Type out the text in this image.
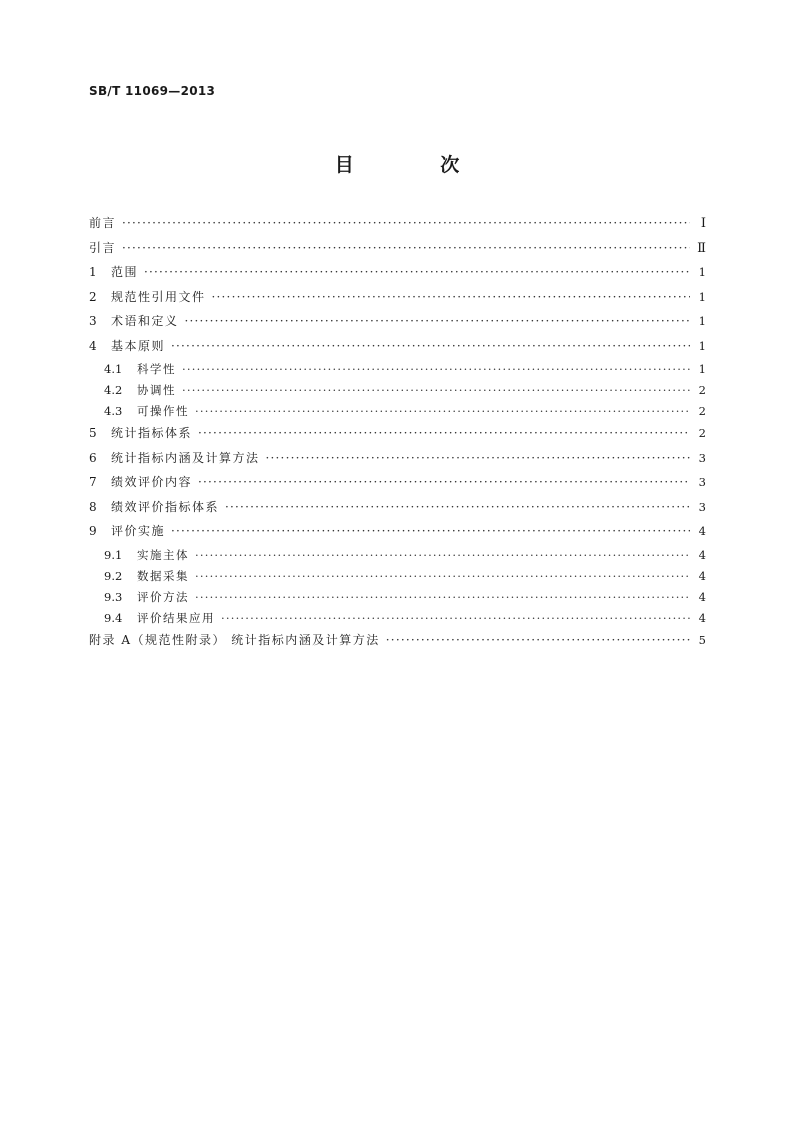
SB/T 11069—2013
目 次
前言 ·····	Ⅰ
引言 ·····	Ⅱ
1	范围 ·····	1
2	规范性引用文件 ·····	1
3	术语和定义 ·····	1
4	基本原则 ·····	1
4.1	科学性 ·····	1
4.2	协调性 ·····	2
4.3	可操作性 ·····	2
5	统计指标体系 ·····	2
6	统计指标内涵及计算方法 ·····	3
7	绩效评价内容 ·····	3
8	绩效评价指标体系 ·····	3
9	评价实施 ·····	4
9.1	实施主体 ·····	4
9.2	数据采集 ·····	4
9.3	评价方法 ·····	4
9.4	评价结果应用 ·····	4
附录 A（规范性附录） 统计指标内涵及计算方法 ·····	5
